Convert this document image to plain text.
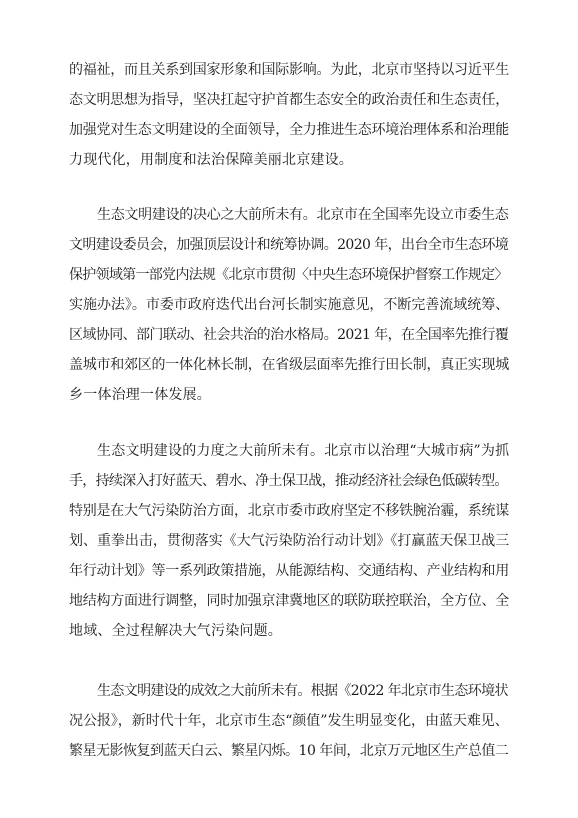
的福祉，而且关系到国家形象和国际影响。为此，北京市坚持以习近平生
态文明思想为指导，坚决扛起守护首都生态安全的政治责任和生态责任，
加强党对生态文明建设的全面领导，全力推进生态环境治理体系和治理能
力现代化，用制度和法治保障美丽北京建设。
生态文明建设的决心之大前所未有。北京市在全国率先设立市委生态
文明建设委员会，加强顶层设计和统筹协调。2020 年，出台全市生态环境
保护领域第一部党内法规《北京市贯彻〈中央生态环境保护督察工作规定〉
实施办法》。市委市政府迭代出台河长制实施意见，不断完善流域统筹、
区域协同、部门联动、社会共治的治水格局。2021 年，在全国率先推行覆
盖城市和郊区的一体化林长制，在省级层面率先推行田长制，真正实现城
乡一体治理一体发展。
生态文明建设的力度之大前所未有。北京市以治理“大城市病”为抓
手，持续深入打好蓝天、碧水、净土保卫战，推动经济社会绿色低碳转型。
特别是在大气污染防治方面，北京市委市政府坚定不移铁腕治霾，系统谋
划、重拳出击，贯彻落实《大气污染防治行动计划》《打赢蓝天保卫战三
年行动计划》等一系列政策措施，从能源结构、交通结构、产业结构和用
地结构方面进行调整，同时加强京津冀地区的联防联控联治，全方位、全
地域、全过程解决大气污染问题。
生态文明建设的成效之大前所未有。根据《2022 年北京市生态环境状
况公报》，新时代十年，北京市生态“颜值”发生明显变化，由蓝天难见、
繁星无影恢复到蓝天白云、繁星闪烁。10 年间，北京万元地区生产总值二
